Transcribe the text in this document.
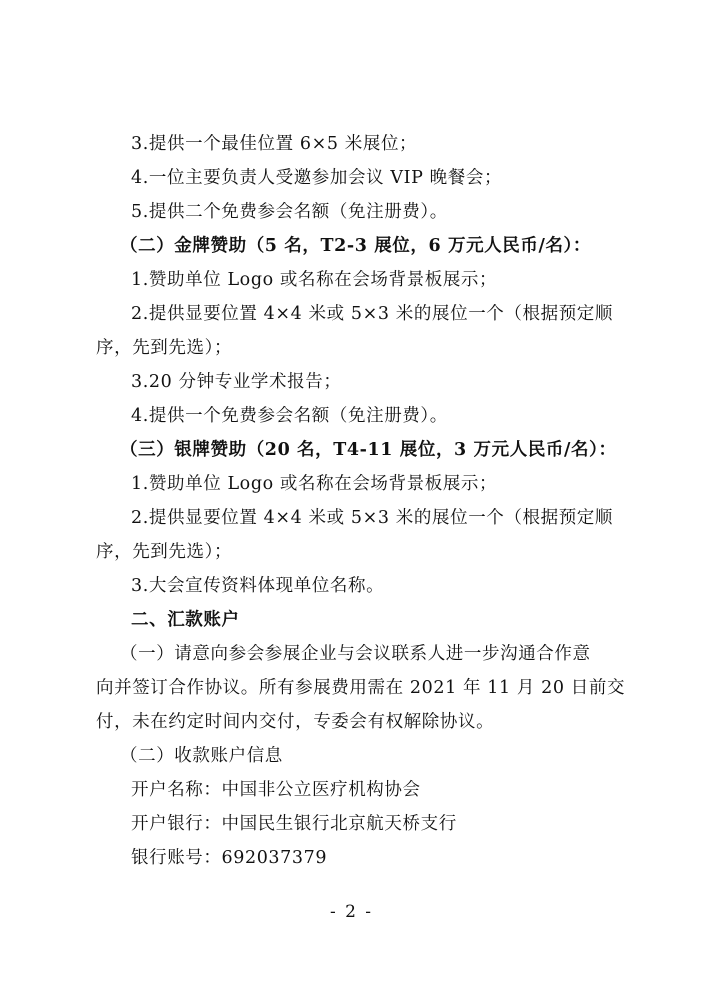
3.提供一个最佳位置 6×5 米展位；
4.一位主要负责人受邀参加会议 VIP 晚餐会；
5.提供二个免费参会名额（免注册费）。
（二）金牌赞助（5 名，T2-3 展位，6 万元人民币/名）：
1.赞助单位 Logo 或名称在会场背景板展示；
2.提供显要位置 4×4 米或 5×3 米的展位一个（根据预定顺
序，先到先选）；
3.20 分钟专业学术报告；
4.提供一个免费参会名额（免注册费）。
（三）银牌赞助（20 名，T4-11 展位，3 万元人民币/名）：
1.赞助单位 Logo 或名称在会场背景板展示；
2.提供显要位置 4×4 米或 5×3 米的展位一个（根据预定顺
序，先到先选）；
3.大会宣传资料体现单位名称。
二、汇款账户
（一）请意向参会参展企业与会议联系人进一步沟通合作意
向并签订合作协议。所有参展费用需在 2021 年 11 月 20 日前交
付，未在约定时间内交付，专委会有权解除协议。
（二）收款账户信息
开户名称：中国非公立医疗机构协会
开户银行：中国民生银行北京航天桥支行
银行账号：692037379
- 2 -
